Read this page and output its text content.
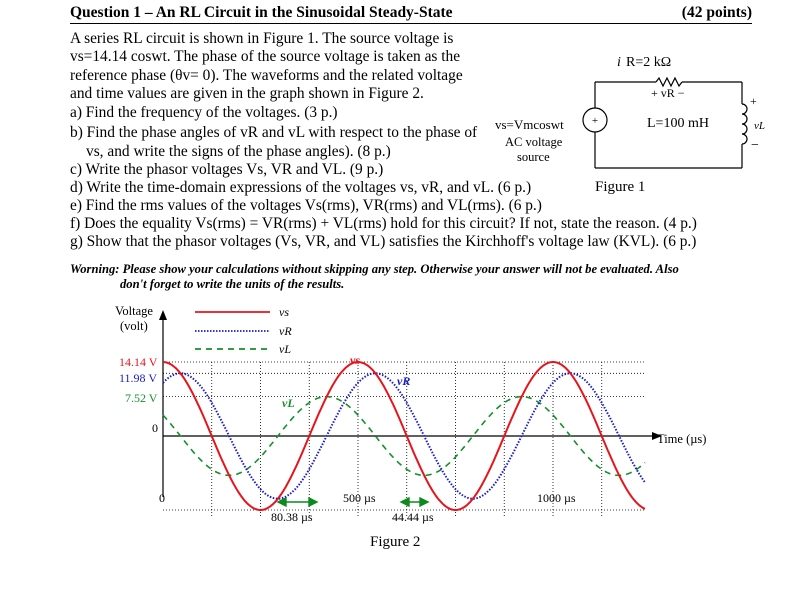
Question 1 – An RL Circuit in the Sinusoidal Steady-State	(42 points)
A series RL circuit is shown in Figure 1. The source voltage is
vs=14.14 coswt. The phase of the source voltage is taken as the
reference phase (θv= 0). The waveforms and the related voltage
and time values are given in the graph shown in Figure 2.
a) Find the frequency of the voltages. (3 p.)
b) Find the phase angles of vR and vL with respect to the phase of
vs, and write the signs of the phase angles). (8 p.)
c) Write the phasor voltages Vs, VR and VL. (9 p.)
d) Write the time-domain expressions of the voltages vs, vR, and vL. (6 p.)
e) Find the rms values of the voltages Vs(rms), VR(rms) and VL(rms). (6 p.)
f) Does the equality Vs(rms) = VR(rms) + VL(rms) hold for this circuit? If not, state the reason. (4 p.)
g) Show that the phasor voltages (Vs, VR, and VL) satisfies the Kirchhoff's voltage law (KVL). (6 p.)
Worning: Please show your calculations without skipping any step. Otherwise your answer will not be evaluated. Also
don't forget to write the units of the results.
+
i R=2 kΩ
+ vR −
+
vL
−
L=100 mH
vs=Vmcoswt
AC voltage
source
Figure 1
Voltage
(volt)
vs
vR
vL
Time (µs)
14.14 V
11.98 V
7.52 V
0
0	500 µs	1000 µs
vs
vR
vL
80.38 µs	44.44 µs
Figure 2
